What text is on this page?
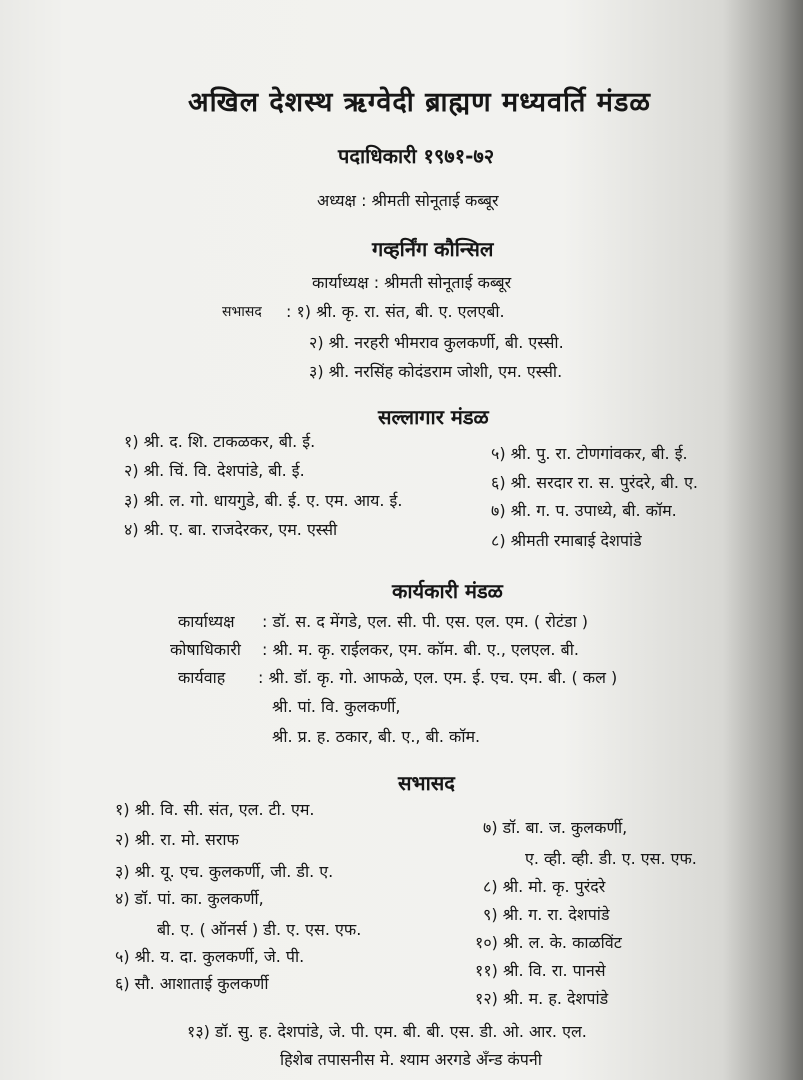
अखिल देशस्थ ऋग्वेदी ब्राह्मण मध्यवर्ति मंडळ
पदाधिकारी १९७१-७२
अध्यक्ष : श्रीमती सोनूताई कब्बूर
गव्हर्निंग कौन्सिल
कार्याध्यक्ष : श्रीमती सोनूताई कब्बूर
सभासद : १) श्री. कृ. रा. संत, बी. ए. एलएबी.
२) श्री. नरहरी भीमराव कुलकर्णी, बी. एस्सी.
३) श्री. नरसिंह कोदंडराम जोशी, एम. एस्सी.
सल्लागार मंडळ
१) श्री. द. शि. टाकळकर, बी. ई.
२) श्री. चिं. वि. देशपांडे, बी. ई.
३) श्री. ल. गो. धायगुडे, बी. ई. ए. एम. आय. ई.
४) श्री. ए. बा. राजदेरकर, एम. एस्सी
५) श्री. पु. रा. टोणगांवकर, बी. ई.
६) श्री. सरदार रा. स. पुरंदरे, बी. ए.
७) श्री. ग. प. उपाध्ये, बी. कॉम.
८) श्रीमती रमाबाई देशपांडे
कार्यकारी मंडळ
कार्याध्यक्ष : डॉ. स. द मेंगडे, एल. सी. पी. एस. एल. एम. ( रोटंडा )
कोषाधिकारी : श्री. म. कृ. राईलकर, एम. कॉम. बी. ए., एलएल. बी.
कार्यवाह : श्री. डॉ. कृ. गो. आफळे, एल. एम. ई. एच. एम. बी. ( कल )
श्री. पां. वि. कुलकर्णी,
श्री. प्र. ह. ठकार, बी. ए., बी. कॉम.
सभासद
१) श्री. वि. सी. संत, एल. टी. एम.
२) श्री. रा. मो. सराफ
३) श्री. यू. एच. कुलकर्णी, जी. डी. ए.
४) डॉ. पां. का. कुलकर्णी,
बी. ए. ( ऑनर्स ) डी. ए. एस. एफ.
५) श्री. य. दा. कुलकर्णी, जे. पी.
६) सौ. आशाताई कुलकर्णी
७) डॉ. बा. ज. कुलकर्णी,
ए. व्ही. व्ही. डी. ए. एस. एफ.
८) श्री. मो. कृ. पुरंदरे
९) श्री. ग. रा. देशपांडे
१०) श्री. ल. के. काळविंट
११) श्री. वि. रा. पानसे
१२) श्री. म. ह. देशपांडे
१३) डॉ. सु. ह. देशपांडे, जे. पी. एम. बी. बी. एस. डी. ओ. आर. एल.
हिशेब तपासनीस मे. श्याम अरगडे अँन्ड कंपनी
